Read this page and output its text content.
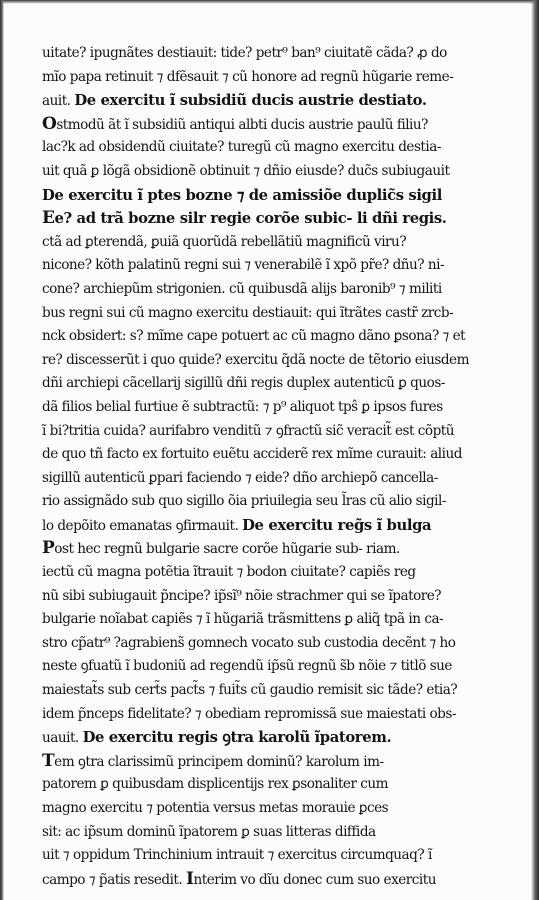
uitate? ipugnãtes destiauit: tide? petr⁹ ban⁹ ciuitatẽ cãda? ꝓ do
mĩo papa retinuit ⁊ dfẽsauit ⁊ cũ honore ad regnũ hũgarie reme-
auit. De exercitu ĩ subsidiũ ducis austrie destiato.
Ostmodũ ãt ĩ subsidiũ antiqui albti ducis austrie paulũ filiu?
lac?k ad obsidendũ ciuitate? turegũ cũ magno exercitu destia-
uit quã ꝑ lõgã obsidionẽ obtinuit ⁊ dñio eiusde? duc̃s subiugauit
De exercitu ĩ ptes bozne ⁊ de amissiõe duplic̃s sigil
Ee? ad trã bozne silr regie corõe subic- li dñi regis.
ctã ad ꝑterendã, ꝑuiã quorũdã rebellãtiũ magnificũ viru?
nicone? kõth palatinũ regni sui ⁊ venerabilẽ ĩ xpõ pr̃e? dñu? ni-
cone? archiepũm strigonien. cũ quibusdã alijs baronib⁹ ⁊ militi
bus regni sui cũ magno exercitu destiauit: qui ĩtrãtes castr̃ zrcb-
nck obsidert: s? mĩme cape potuert ac cũ magno dãno ꝑsona? ⁊ et
re? discesserũt i quo quide? exercitu q̃dã nocte de tẽtorio eiusdem
dñi archiepi cãcellarij sigillũ dñi regis duplex autenticũ ꝑ quos-
dã filios belial furtiue ẽ subtractũ: ⁊ p⁹ aliquot tpŝ ꝑ ipsos fures
ĩ bi?tritia cuida? aurifabro venditũ ⁊ ꝯfractũ sic̃ veracit̃ est cõptũ
de quo tñ facto ex fortuito euẽtu acciderẽ rex mĩme curauit: aliud
sigillũ autenticũ ꝑpari faciendo ⁊ eide? dño archiepõ cancella-
rio assignãdo sub quo sigillo õia priuilegia seu l̃ras cũ alio sigil-
lo depõito emanatas ꝯfirmauit. De exercitu reg̃s ĩ bulga
Post hec regnũ bulgarie sacre corõe hũgarie sub- riam.
iectũ cũ magna potẽtia ĩtrauit ⁊ bodon ciuitate? capiẽs reg
nũ sibi subiugauit p̃ncipe? ip̃sĩ⁹ nõie strachmer qui se ĩpatore?
bulgarie noĩabat capiẽs ⁊ ĩ hũgariã trãsmittens ꝑ aliq̃ tpã in ca-
stro cp̃atr⁹ ?agrabiens̃ gomnech vocato sub custodia decẽnt ⁊ ho
neste ꝯfuatũ ĩ budoniũ ad regendũ ip̃sũ regnũ s̃b nõie ⁊ titlõ sue
maiestat̃s sub cert̃s pact̃s ⁊ fuit̃s cũ gaudio remisit sic tãde? etia?
idem p̃nceps fidelitate? ⁊ obediam repromissã sue maiestati obs-
uauit. De exercitu regis ꝯtra karolũ ĩpatorem.
Tem ꝯtra clarissimũ principem dominũ? karolum im-
patorem ꝑ quibusdam displicentijs rex ꝑsonaliter cum
magno exercitu ⁊ potentia versus metas morauie ꝑces
sit: ac ip̃sum dominũ ĩpatorem ꝑ suas litteras diffida
uit ⁊ oppidum Trinchinium intrauit ⁊ exercitus circumquaq? ĩ
campo ⁊ p̃atis resedit. Interim vo dĩu donec cum suo exercitu
